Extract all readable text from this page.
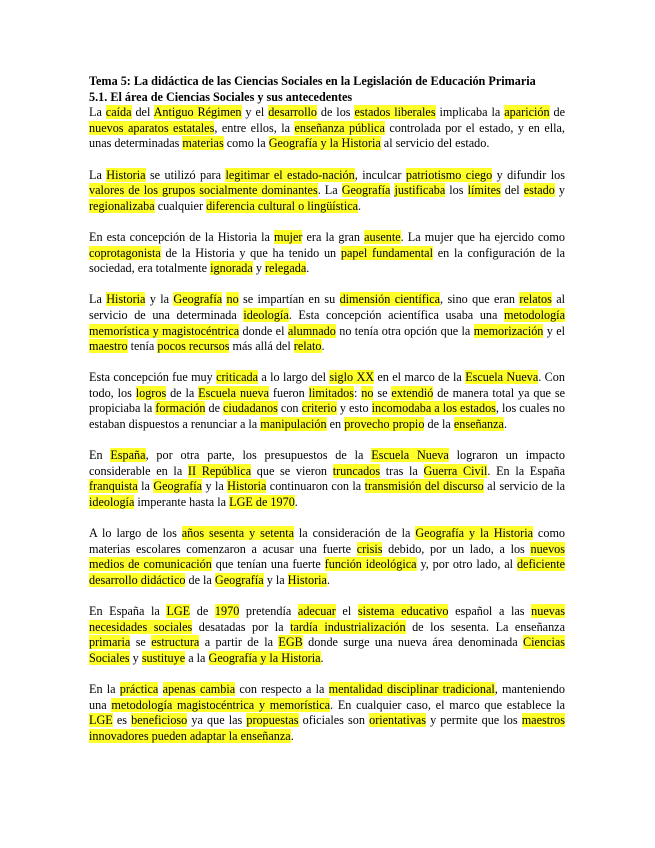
Tema 5: La didáctica de las Ciencias Sociales en la Legislación de Educación Primaria
5.1. El área de Ciencias Sociales y sus antecedentes

La caída del Antiguo Régimen y el desarrollo de los estados liberales implicaba la aparición de nuevos aparatos estatales, entre ellos, la enseñanza pública controlada por el estado, y en ella, unas determinadas materias como la Geografía y la Historia al servicio del estado.

La Historia se utilizó para legitimar el estado-nación, inculcar patriotismo ciego y difundir los valores de los grupos socialmente dominantes. La Geografía justificaba los límites del estado y regionalizaba cualquier diferencia cultural o lingüística.

En esta concepción de la Historia la mujer era la gran ausente. La mujer que ha ejercido como coprotagonista de la Historia y que ha tenido un papel fundamental en la configuración de la sociedad, era totalmente ignorada y relegada.

La Historia y la Geografía no se impartían en su dimensión científica, sino que eran relatos al servicio de una determinada ideología. Esta concepción acientífica usaba una metodología memorística y magistocéntrica donde el alumnado no tenía otra opción que la memorización y el maestro tenía pocos recursos más allá del relato.

Esta concepción fue muy criticada a lo largo del siglo XX en el marco de la Escuela Nueva. Con todo, los logros de la Escuela nueva fueron limitados: no se extendió de manera total ya que se propiciaba la formación de ciudadanos con criterio y esto incomodaba a los estados, los cuales no estaban dispuestos a renunciar a la manipulación en provecho propio de la enseñanza.

En España, por otra parte, los presupuestos de la Escuela Nueva lograron un impacto considerable en la II República que se vieron truncados tras la Guerra Civil. En la España franquista la Geografía y la Historia continuaron con la transmisión del discurso al servicio de la ideología imperante hasta la LGE de 1970.

A lo largo de los años sesenta y setenta la consideración de la Geografía y la Historia como materias escolares comenzaron a acusar una fuerte crisis debido, por un lado, a los nuevos medios de comunicación que tenían una fuerte función ideológica y, por otro lado, al deficiente desarrollo didáctico de la Geografía y la Historia.

En España la LGE de 1970 pretendía adecuar el sistema educativo español a las nuevas necesidades sociales desatadas por la tardía industrialización de los sesenta. La enseñanza primaria se estructura a partir de la EGB donde surge una nueva área denominada Ciencias Sociales y sustituye a la Geografía y la Historia.

En la práctica apenas cambia con respecto a la mentalidad disciplinar tradicional, manteniendo una metodología magistocéntrica y memorística. En cualquier caso, el marco que establece la LGE es beneficioso ya que las propuestas oficiales son orientativas y permite que los maestros innovadores pueden adaptar la enseñanza.
